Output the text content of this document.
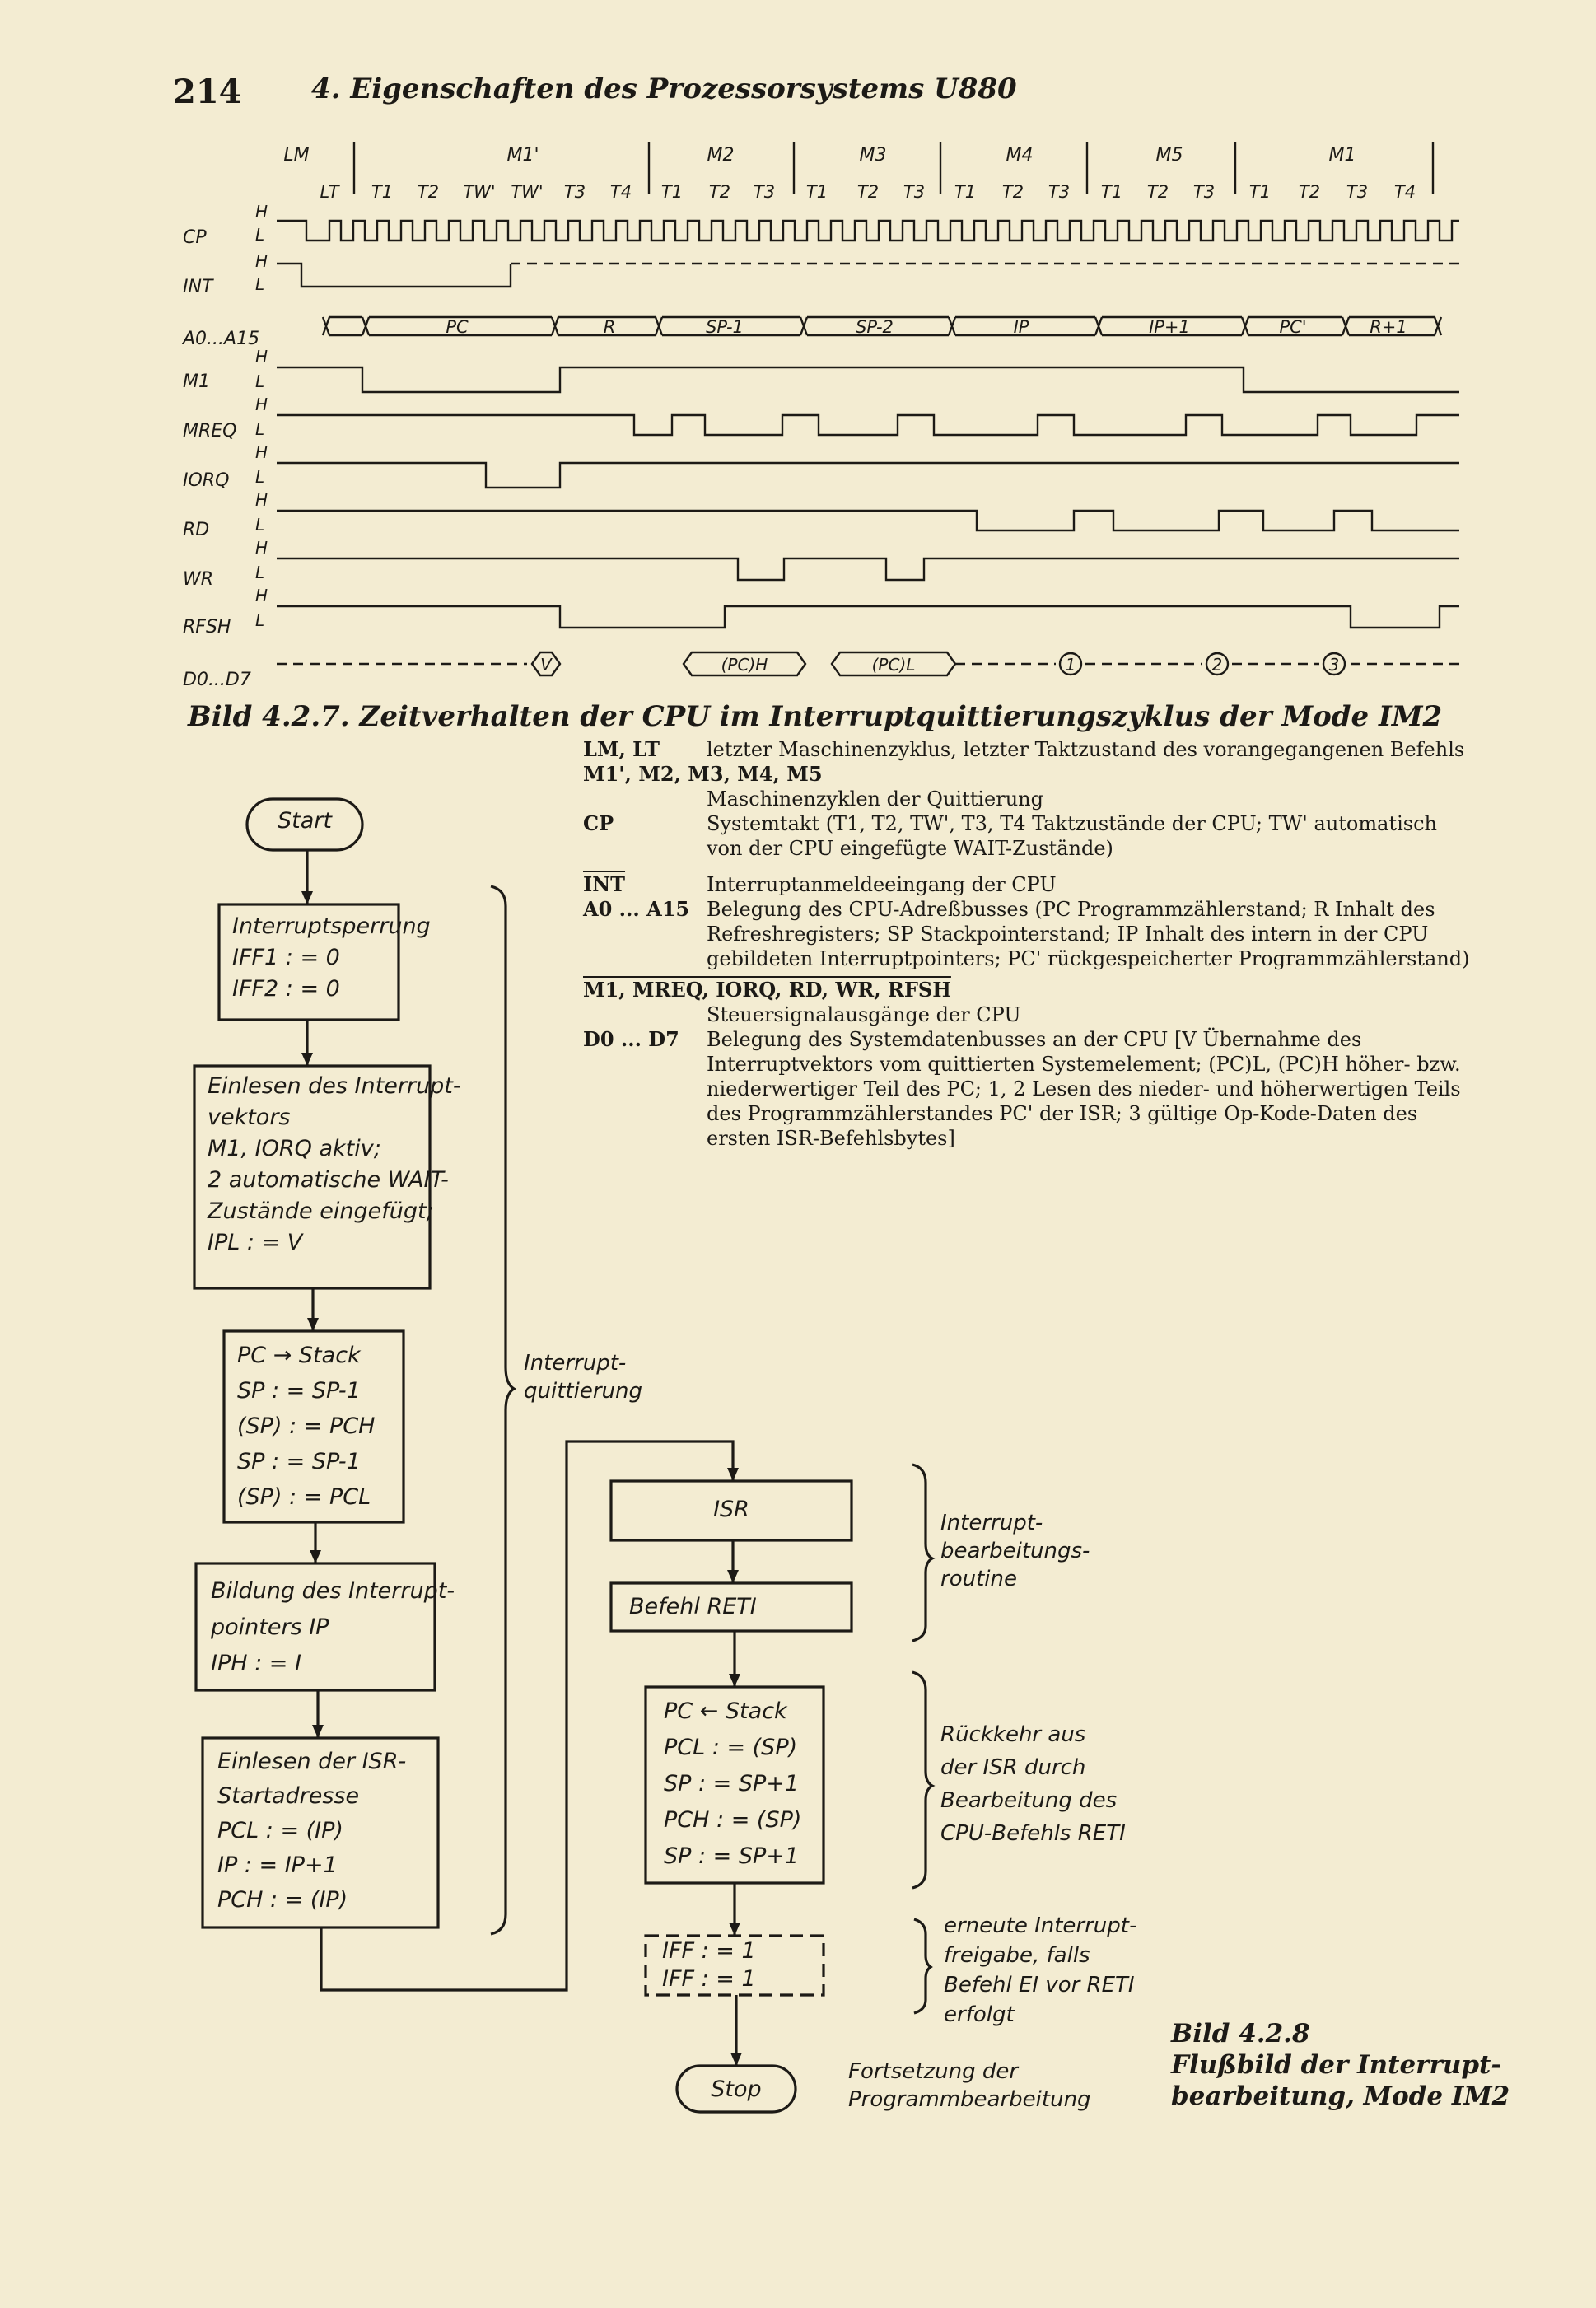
214 4. Eigenschaften des Prozessorsystems U880
LM	M1'	M2	M3	M4	M5	M1
LT T1 T2 TW' TW' T3 T4 T1 T2 T3 T1 T2 T3 T1 T2 T3 T1 T2 T3 T1 T2 T3 T4
CP
INT
A0...A15
M1
MREQ
IORQ
RD
WR
RFSH
D0...D7
H
L
H
L
H
L
H
L
H
L
H
L
H
L
H
L
PC	R	SP-1	SP-2	IP	IP+1	PC'	R+1
V	(PC)H	(PC)L	1	2	3
Bild 4.2.7. Zeitverhalten der CPU im Interruptquittierungszyklus der Mode IM2
LM, LT	letzter Maschinenzyklus, letzter Taktzustand des vorangegangenen Befehls
M1', M2, M3, M4, M5
Maschinenzyklen der Quittierung
CP	Systemtakt (T1, T2, TW', T3, T4 Taktzustände der CPU; TW' automatisch von der CPU eingefügte WAIT-Zustände)
$\overline{INT}$	Interruptanmeldeeingang der CPU
A0 ... A15 Belegung des CPU-Adreßbusses (PC Programmzählerstand; R Inhalt des Refreshregisters; SP Stackpointerstand; IP Inhalt des intern in der CPU gebildeten Interruptpointers; PC' rückgespeicherter Programmzählerstand)
M1, MREQ, IORQ, RD, WR, RFSH
Steuersignalausgänge der CPU
D0 ... D7	Belegung des Systemdatenbusses an der CPU [V Übernahme des Interruptvektors vom quittierten Systemelement; (PC)L, (PC)H höher- bzw. niederwertiger Teil des PC; 1, 2 Lesen des nieder- und höherwertigen Teils des Programmzählerstandes PC' der ISR; 3 gültige Op-Kode-Daten des ersten ISR-Befehlsbytes]
Start
Interruptsperrung
IFF1 : = 0
IFF2 : = 0
Einlesen des Interrupt-
vektors
M1, IORQ aktiv;
2 automatische WAIT-
Zustände eingefügt;
IPL : = V
PC → Stack
SP : = SP-1
(SP) : = PCH
SP : = SP-1
(SP) : = PCL
Bildung des Interrupt-
pointers IP
IPH : = I
Einlesen der ISR-
Startadresse
PCL : = (IP)
IP : = IP+1
PCH : = (IP)
Interrupt-
quittierung
ISR
Befehl RETI
Interrupt-
bearbeitungs-
routine
PC ← Stack
PCL : = (SP)
SP : = SP+1
PCH : = (SP)
SP : = SP+1
Rückkehr aus
der ISR durch
Bearbeitung des
CPU-Befehls RETI
IFF : = 1
IFF : = 1
erneute Interrupt-
freigabe, falls
Befehl EI vor RETI
erfolgt
Stop
Fortsetzung der
Programmbearbeitung
Bild 4.2.8
Flußbild der Interrupt-
bearbeitung, Mode IM2
